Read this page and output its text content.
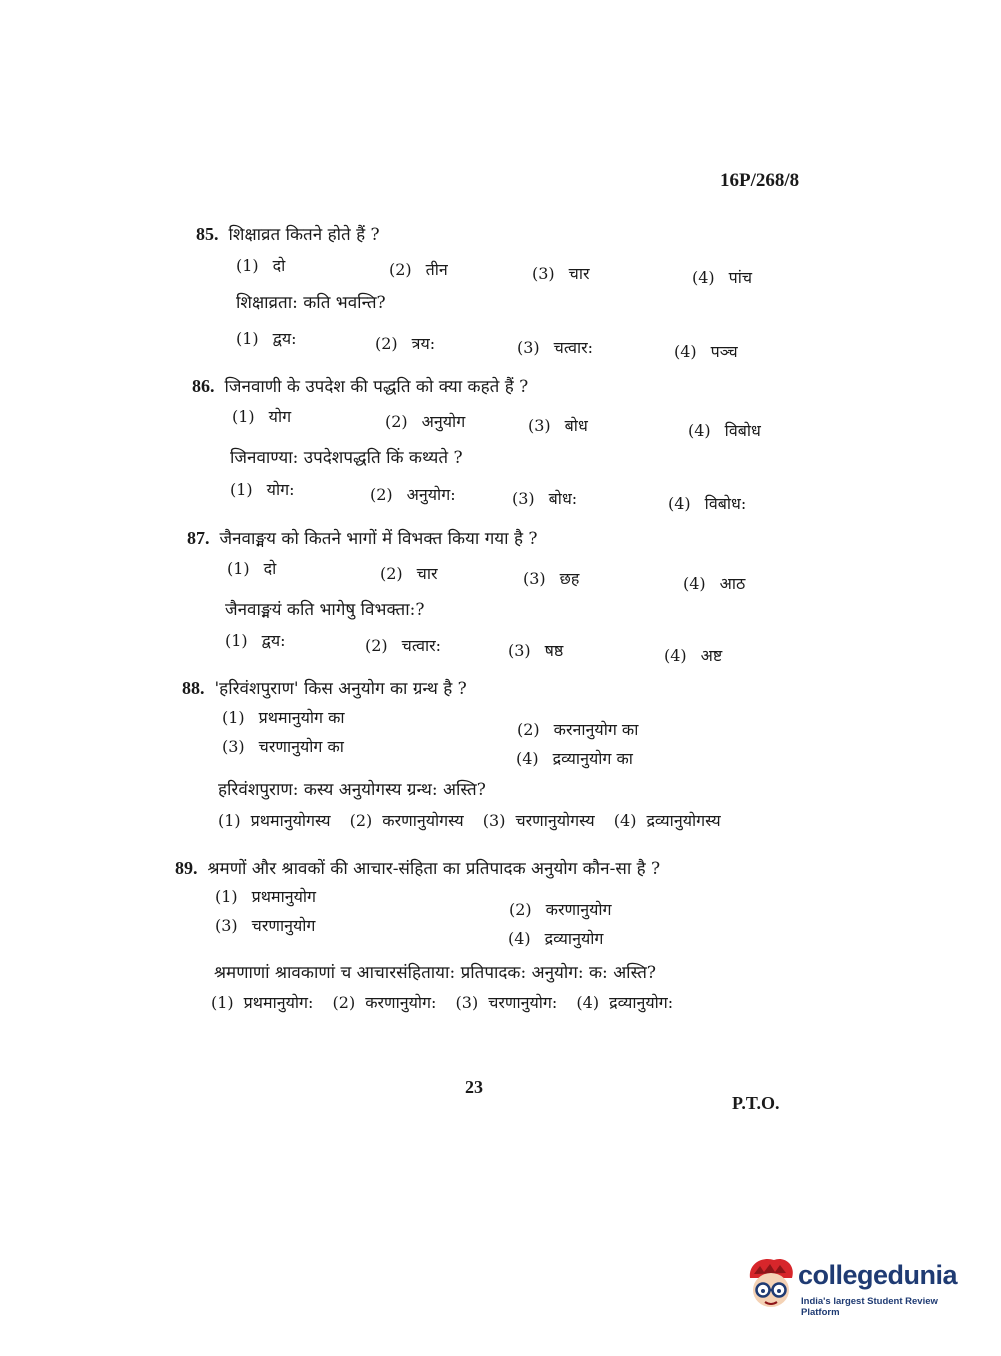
16P/268/8
85. शिक्षाव्रत कितने होते हैं ?
(1) दो	(2) तीन	(3) चार	(4) पांच
शिक्षाव्रता: कति भवन्ति?
(1) द्वय:	(2) त्रय:	(3) चत्वार:	(4) पञ्च
86. जिनवाणी के उपदेश की पद्धति को क्या कहते हैं ?
(1) योग	(2) अनुयोग	(3) बोध	(4) विबोध
जिनवाण्या: उपदेशपद्धति किं कथ्यते ?
(1) योग:	(2) अनुयोग:	(3) बोध:	(4) विबोध:
87. जैनवाङ्मय को कितने भागों में विभक्त किया गया है ?
(1) दो	(2) चार	(3) छह	(4) आठ
जैनवाङ्मयं कति भागेषु विभक्ता:?
(1) द्वय:	(2) चत्वार:	(3) षष्ठ	(4) अष्ट
88. 'हरिवंशपुराण' किस अनुयोग का ग्रन्थ है ?
(1) प्रथमानुयोग का
(2) करनानुयोग का
(3) चरणानुयोग का
(4) द्रव्यानुयोग का
हरिवंशपुराण: कस्य अनुयोगस्य ग्रन्थ: अस्ति?
(1) प्रथमानुयोगस्य (2) करणानुयोगस्य (3) चरणानुयोगस्य (4) द्रव्यानुयोगस्य
89. श्रमणों और श्रावकों की आचार-संहिता का प्रतिपादक अनुयोग कौन-सा है ?
(1) प्रथमानुयोग
(2) करणानुयोग
(3) चरणानुयोग
(4) द्रव्यानुयोग
श्रमणाणां श्रावकाणां च आचारसंहिताया: प्रतिपादक: अनुयोग: क: अस्ति?
(1) प्रथमानुयोग: (2) करणानुयोग: (3) चरणानुयोग: (4) द्रव्यानुयोग:
23
P.T.O.
collegedunia
India's largest Student Review Platform
